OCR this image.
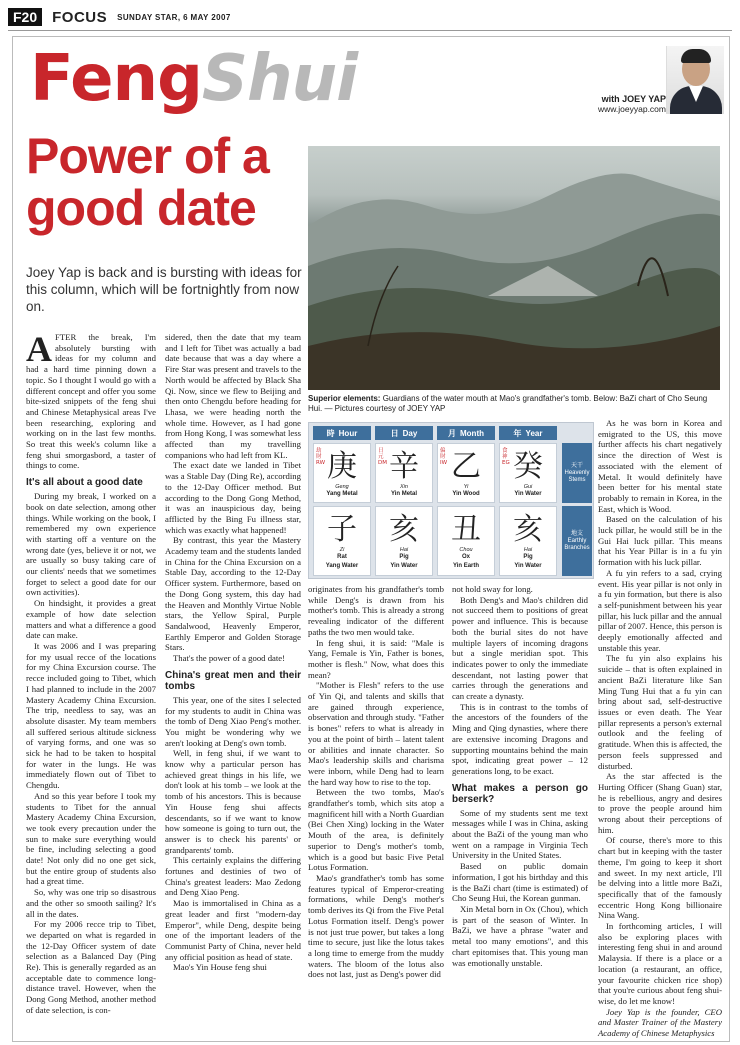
F20	FOCUS SUNDAY STAR, 6 MAY 2007
FengShui	with JOEY YAP
www.joeyyap.com
Power of a good date

Joey Yap is back and is bursting with ideas for this column, which will be fortnightly from now on.

Superior elements: Guardians of the water mouth at Mao's grandfather's tomb. Below: BaZi chart of Cho Seung Hui. — Pictures courtesy of JOEY YAP

時 Hour
劫財 RW 庚
Geng
Yang Metal
子
Zi
Rat
Yang Water
日 Day
日元 DM 辛
Xin
Yin Metal
亥
Hai
Pig
Yin Water
月 Month
偏財 IW 乙
Yi
Yin Wood
丑
Chou
Ox
Yin Earth
年 Year
食神 EG 癸
Gui
Yin Water
亥
Hai
Pig
Yin Water
天干 Heavenly Stems
地支 Earthly Branches

AFTER the break, I'm absolutely bursting with ideas for my column and had a hard time pinning down a topic. So I thought I would go with a different concept and offer you some bite-sized snippets of the feng shui and Chinese Metaphysical areas I've been researching, exploring and working on in the last few months. So treat this week's column like a feng shui smorgasbord, a taster of things to come.

It's all about a good date

During my break, I worked on a book on date selection, among other things. While working on the book, I remembered my own experience with starting off a venture on the wrong date (yes, believe it or not, we are usually so busy taking care of our clients' needs that we sometimes forget to select a good date for our own activities).

On hindsight, it provides a great example of how date selection matters and what a difference a good date can make.

It was 2006 and I was preparing for my usual recce of the locations for my China Excursion course. The recce included going to Tibet, which I had planned to include in the 2007 Mastery Academy China Excursion. The trip, needless to say, was an absolute disaster. My team members all suffered serious altitude sickness of varying forms, and one was so sick he had to be taken to hospital for water in the lungs. He was immediately flown out of Tibet to Chengdu.

And so this year before I took my students to Tibet for the annual Mastery Academy China Excursion, we took every precaution under the sun to make sure everything would be fine, including selecting a good date! Not only did no one get sick, but the entire group of students also had a great time.

So, why was one trip so disastrous and the other so smooth sailing? It's all in the dates.

For my 2006 recce trip to Tibet, we departed on what is regarded in the 12-Day Officer system of date selection as a Balanced Day (Ping Re). This is generally regarded as an acceptable date to commence long-distance travel. However, when the Dong Gong Method, another method of date selection, is con-

sidered, then the date that my team and I left for Tibet was actually a bad date because that was a day where a Fire Star was present and travels to the North would be affected by Black Sha Qi. Now, since we flew to Beijing and then onto Chengdu before heading for Lhasa, we were heading north the whole time. However, as I had gone from Hong Kong, I was somewhat less affected than my travelling companions who had left from KL.

The exact date we landed in Tibet was a Stable Day (Ding Re), according to the 12-Day Officer method. But according to the Dong Gong Method, it was an inauspicious day, being afflicted by the Bing Fu illness star, which was exactly what happened!

By contrast, this year the Mastery Academy team and the students landed in China for the China Excursion on a Stable Day, according to the 12-Day Officer system. Furthermore, based on the Dong Gong system, this day had the Heaven and Monthly Virtue Noble stars, the Yellow Spiral, Purple Sandalwood, Heavenly Emperor, Earthly Emperor and Golden Storage Stars.

That's the power of a good date!

China's great men and their tombs

This year, one of the sites I selected for my students to audit in China was the tomb of Deng Xiao Peng's mother. You might be wondering why we aren't looking at Deng's own tomb.

Well, in feng shui, if we want to know why a particular person has achieved great things in his life, we don't look at his tomb – we look at the tomb of his ancestors. This is because Yin House feng shui affects descendants, so if we want to know how someone is going to turn out, the answer is to check his parents' or grandparents' tomb.

This certainly explains the differing fortunes and destinies of two of China's greatest leaders: Mao Zedong and Deng Xiao Peng.

Mao is immortalised in China as a great leader and first "modern-day Emperor", while Deng, despite being one of the important leaders of the Communist Party of China, never held any official position as head of state.

Mao's Yin House feng shui

originates from his grandfather's tomb while Deng's is drawn from his mother's tomb. This is already a strong revealing indicator of the different paths the two men would take.

In feng shui, it is said: "Male is Yang, Female is Yin, Father is bones, mother is flesh." Now, what does this mean?

"Mother is Flesh" refers to the use of Yin Qi, and talents and skills that are gained through experience, observation and through study. "Father is bones" refers to what is already in you at the point of birth – latent talent or abilities and innate character. So Mao's leadership skills and charisma were inborn, while Deng had to learn the hard way how to rise to the top.

Between the two tombs, Mao's grandfather's tomb, which sits atop a magnificent hill with a North Guardian (Bei Chen Xing) locking in the Water Mouth of the area, is definitely superior to Deng's mother's tomb, which is a good but basic Five Petal Lotus Formation.

Mao's grandfather's tomb has some features typical of Emperor-creating formations, while Deng's mother's tomb derives its Qi from the Five Petal Lotus Formation itself. Deng's power is not just true power, but takes a long time to secure, just like the lotus takes a long time to emerge from the muddy waters. The bloom of the lotus also does not last, just as Deng's power did

not hold sway for long.

Both Deng's and Mao's children did not succeed them to positions of great power and influence. This is because both the burial sites do not have multiple layers of incoming dragons but a single meridian spot. This indicates power to only the immediate descendant, not lasting power that carries through the generations and can create a dynasty.

This is in contrast to the tombs of the ancestors of the founders of the Ming and Qing dynasties, where there are extensive incoming Dragons and supporting mountains behind the main spot, indicating great power – 12 generations long, to be exact.

What makes a person go berserk?

Some of my students sent me text messages while I was in China, asking about the BaZi of the young man who went on a rampage in Virginia Tech University in the United States.

Based on public domain information, I got his birthday and this is the BaZi chart (time is estimated) of Cho Seung Hui, the Korean gunman.

Xin Metal born in Ox (Chou), which is part of the season of Winter. In BaZi, we have a phrase "water and metal too many emotions", and this chart epitomises that. This young man was emotionally unstable.

As he was born in Korea and emigrated to the US, this move further affects his chart negatively since the direction of West is associated with the element of Metal. It would definitely have been better for his mental state probably to remain in Korea, in the East, which is Wood.

Based on the calculation of his luck pillar, he would still be in the Gui Hai luck pillar. This means that his Year Pillar is in a fu yin formation with his luck pillar.

A fu yin refers to a sad, crying event. His year pillar is not only in a fu yin formation, but there is also a self-punishment between his year pillar, his luck pillar and the annual pillar of 2007. Hence, this person is deeply emotionally affected and unstable this year.

The fu yin also explains his suicide – that is often explained in ancient BaZi literature like San Ming Tung Hui that a fu yin can bring about sad, self-destructive issues or even death. The Year pillar represents a person's external outlook and the feeling of gratitude. When this is affected, the person feels suppressed and disturbed.

As the star affected is the Hurting Officer (Shang Guan) star, he is rebellious, angry and desires to prove the people around him wrong about their perceptions of him.

Of course, there's more to this chart but in keeping with the taster theme, I'm going to keep it short and sweet. In my next article, I'll be delving into a little more BaZi, specifically that of the famously eccentric Hong Kong billionaire Nina Wang.

In forthcoming articles, I will also be exploring places with interesting feng shui in and around Malaysia. If there is a place or a location (a restaurant, an office, your favourite chicken rice shop) that you're curious about feng shui-wise, do let me know!

Joey Yap is the founder, CEO and Master Trainer of the Mastery Academy of Chinese Metaphysics
